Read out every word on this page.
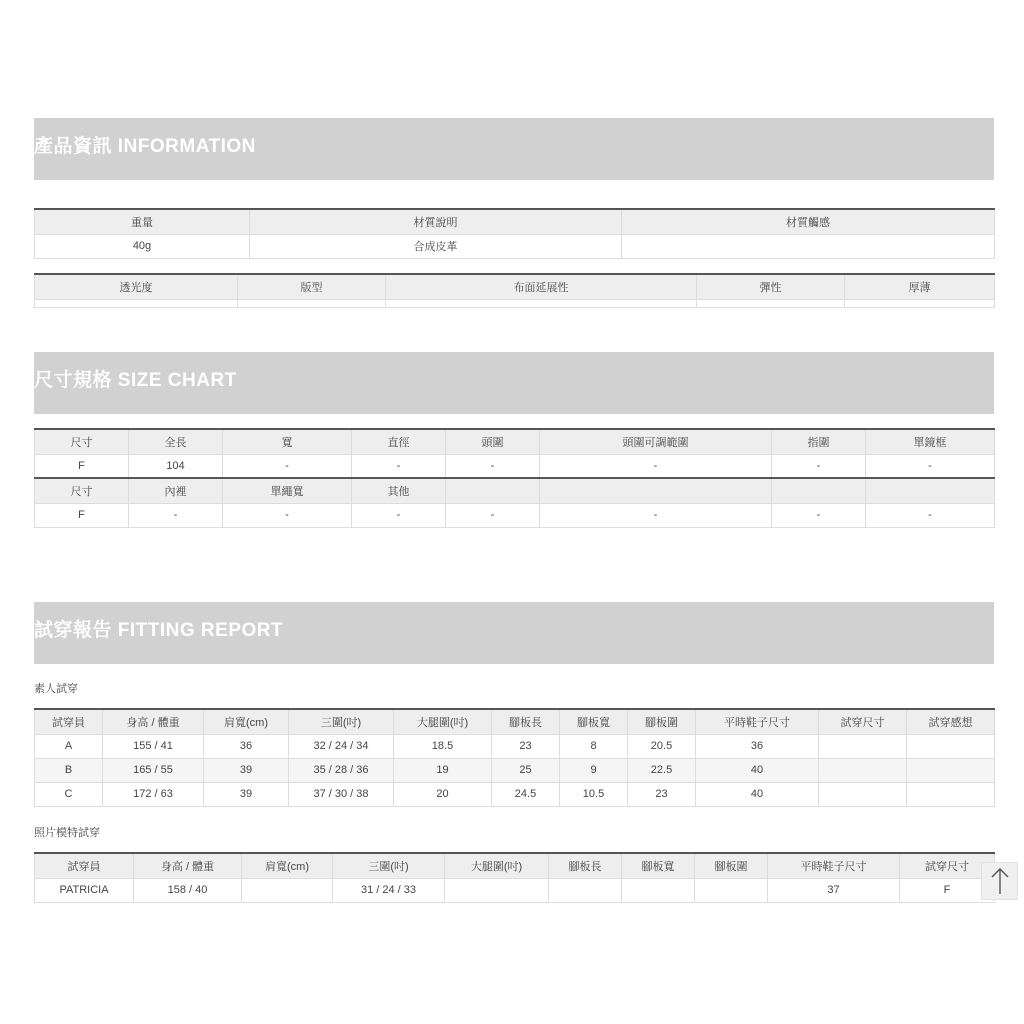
產品資訊 INFORMATION
重量	材質說明	材質觸感
40g	合成皮革	
透光度	版型	布面延展性	彈性	厚薄

尺寸規格 SIZE CHART
尺寸	全長	寬	直徑	頭圍	頭圍可調範圍	指圍	單鏡框
F	104	-	-	-	-	-	-
尺寸	內裡	單繩寬	其他				
F	-	-	-	-	-	-	-
試穿報告 FITTING REPORT
素人試穿
試穿員	身高 / 體重	肩寬(cm)	三圍(吋)	大腿圍(吋)	腳板長	腳板寬	腳板圍	平時鞋子尺寸	試穿尺寸	試穿感想
A	155 / 41	36	32 / 24 / 34	18.5	23	8	20.5	36		
B	165 / 55	39	35 / 28 / 36	19	25	9	22.5	40		
C	172 / 63	39	37 / 30 / 38	20	24.5	10.5	23	40		
照片模特試穿
試穿員	身高 / 體重	肩寬(cm)	三圍(吋)	大腿圍(吋)	腳板長	腳板寬	腳板圍	平時鞋子尺寸	試穿尺寸
PATRICIA	158 / 40		31 / 24 / 33					37	F
